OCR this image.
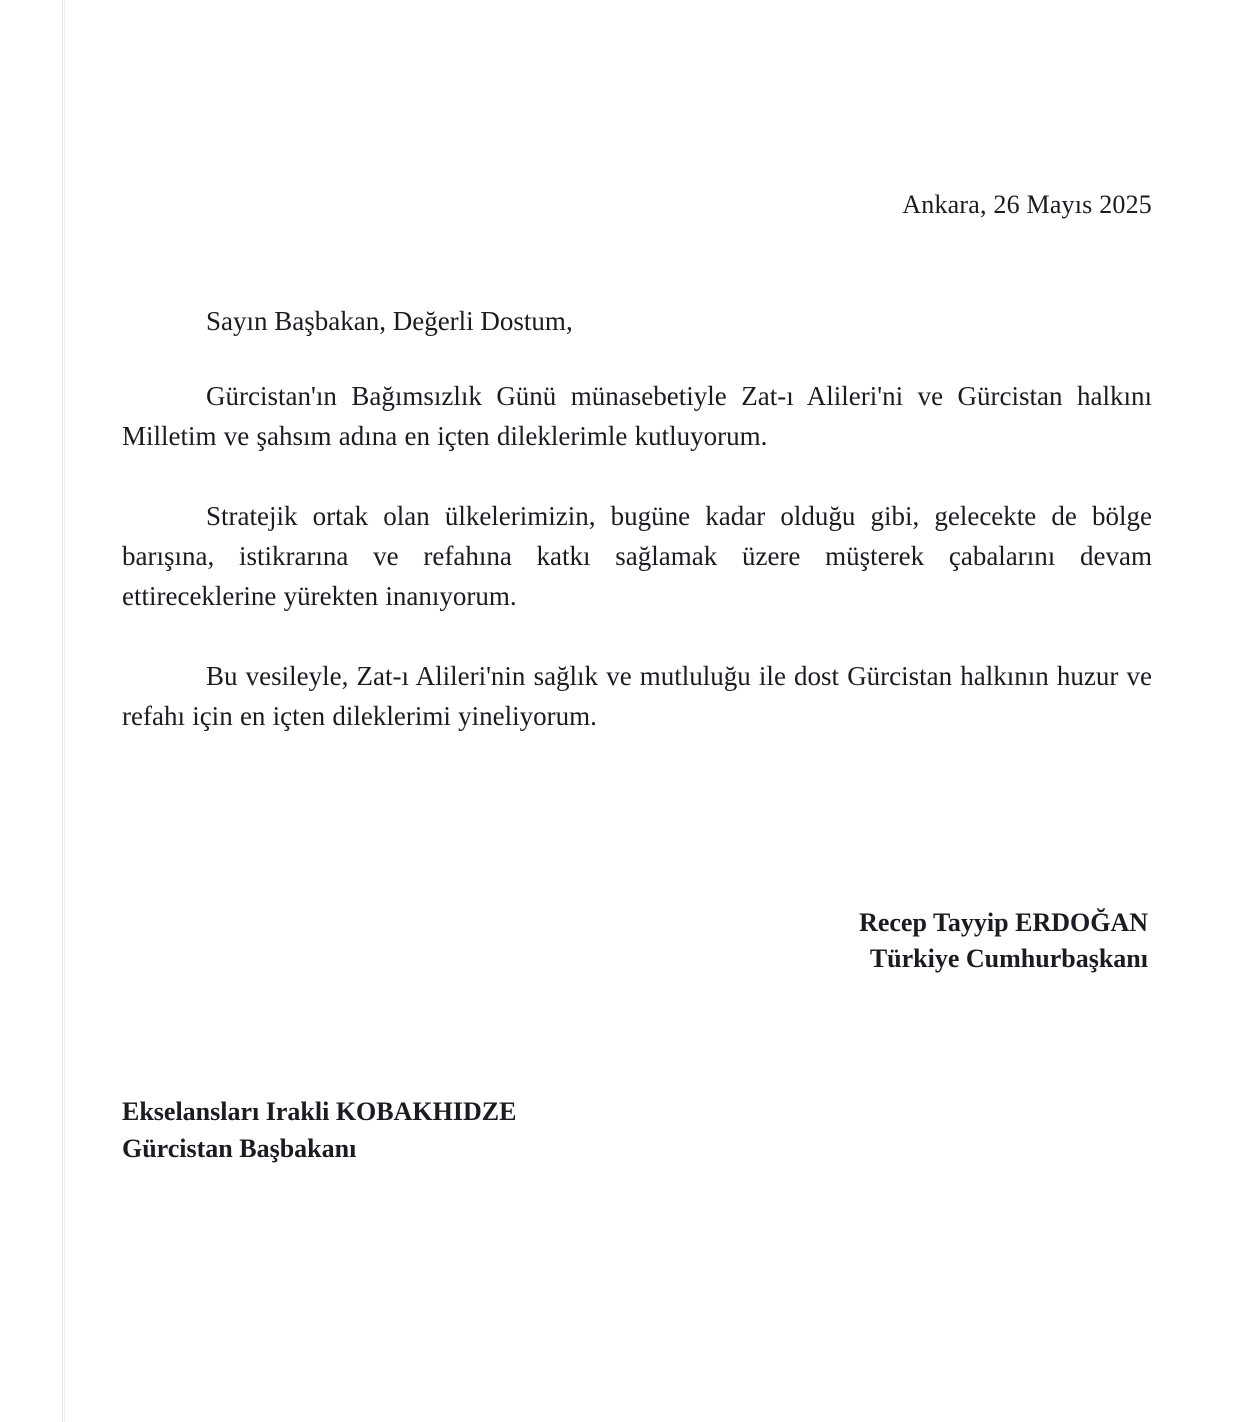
Ankara, 26 Mayıs 2025
Sayın Başbakan, Değerli Dostum,

Gürcistan'ın Bağımsızlık Günü münasebetiyle Zat-ı Alileri'ni ve Gürcistan halkını Milletim ve şahsım adına en içten dileklerimle kutluyorum.

Stratejik ortak olan ülkelerimizin, bugüne kadar olduğu gibi, gelecekte de bölge barışına, istikrarına ve refahına katkı sağlamak üzere müşterek çabalarını devam ettireceklerine yürekten inanıyorum.

Bu vesileyle, Zat-ı Alileri'nin sağlık ve mutluluğu ile dost Gürcistan halkının huzur ve refahı için en içten dileklerimi yineliyorum.

Recep Tayyip ERDOĞAN
Türkiye Cumhurbaşkanı
Ekselansları Irakli KOBAKHIDZE
Gürcistan Başbakanı
